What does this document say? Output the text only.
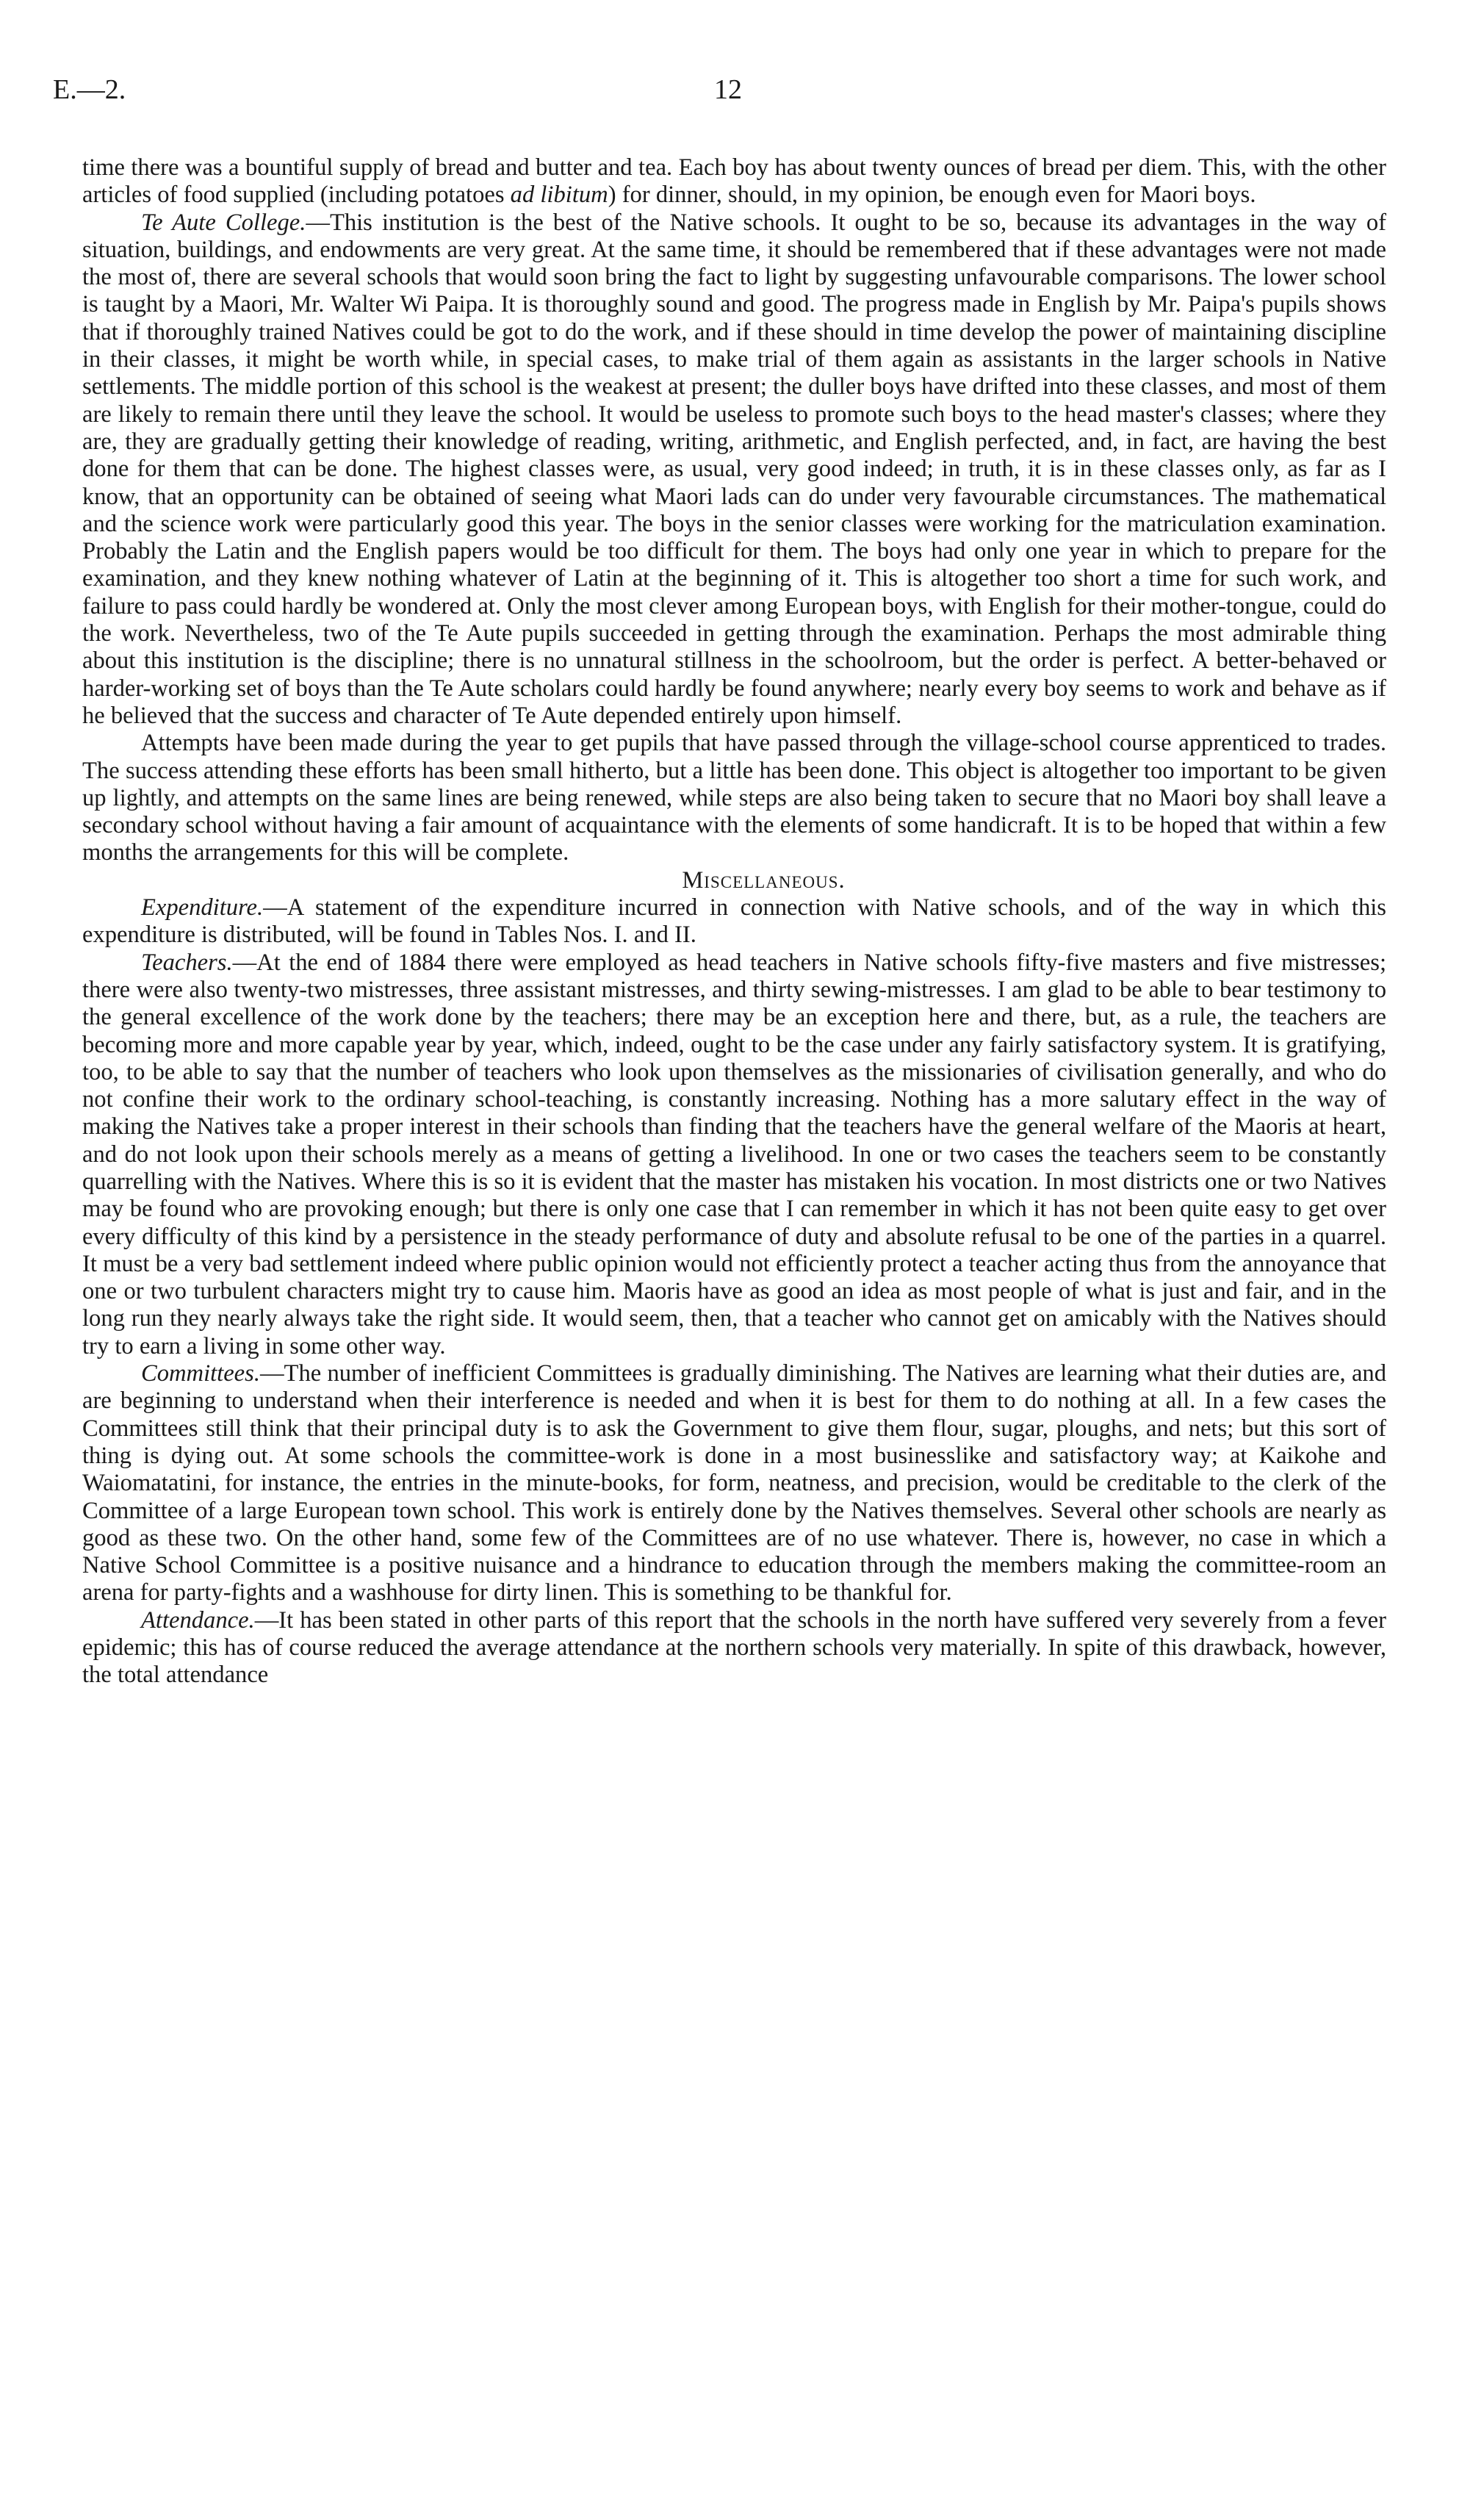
E.—2.	12

time there was a bountiful supply of bread and butter and tea. Each boy has about twenty ounces of bread per diem. This, with the other articles of food supplied (including potatoes ad libitum) for dinner, should, in my opinion, be enough even for Maori boys.

Te Aute College.—This institution is the best of the Native schools. It ought to be so, because its advantages in the way of situation, buildings, and endowments are very great. At the same time, it should be remembered that if these advantages were not made the most of, there are several schools that would soon bring the fact to light by suggesting unfavourable comparisons. The lower school is taught by a Maori, Mr. Walter Wi Paipa. It is thoroughly sound and good. The progress made in English by Mr. Paipa's pupils shows that if thoroughly trained Natives could be got to do the work, and if these should in time develop the power of maintaining discipline in their classes, it might be worth while, in special cases, to make trial of them again as assistants in the larger schools in Native settlements. The middle portion of this school is the weakest at present; the duller boys have drifted into these classes, and most of them are likely to remain there until they leave the school. It would be useless to promote such boys to the head master's classes; where they are, they are gradually getting their knowledge of reading, writing, arithmetic, and English perfected, and, in fact, are having the best done for them that can be done. The highest classes were, as usual, very good indeed; in truth, it is in these classes only, as far as I know, that an opportunity can be obtained of seeing what Maori lads can do under very favourable circumstances. The mathematical and the science work were particularly good this year. The boys in the senior classes were working for the matriculation examination. Probably the Latin and the English papers would be too difficult for them. The boys had only one year in which to prepare for the examination, and they knew nothing whatever of Latin at the beginning of it. This is altogether too short a time for such work, and failure to pass could hardly be wondered at. Only the most clever among European boys, with English for their mother-tongue, could do the work. Nevertheless, two of the Te Aute pupils succeeded in getting through the examination. Perhaps the most admirable thing about this institution is the discipline; there is no unnatural stillness in the schoolroom, but the order is perfect. A better-behaved or harder-working set of boys than the Te Aute scholars could hardly be found anywhere; nearly every boy seems to work and behave as if he believed that the success and character of Te Aute depended entirely upon himself.

Attempts have been made during the year to get pupils that have passed through the village-school course apprenticed to trades. The success attending these efforts has been small hitherto, but a little has been done. This object is altogether too important to be given up lightly, and attempts on the same lines are being renewed, while steps are also being taken to secure that no Maori boy shall leave a secondary school without having a fair amount of acquaintance with the elements of some handicraft. It is to be hoped that within a few months the arrangements for this will be complete.

Miscellaneous.

Expenditure.—A statement of the expenditure incurred in connection with Native schools, and of the way in which this expenditure is distributed, will be found in Tables Nos. I. and II.

Teachers.—At the end of 1884 there were employed as head teachers in Native schools fifty-five masters and five mistresses; there were also twenty-two mistresses, three assistant mistresses, and thirty sewing-mistresses. I am glad to be able to bear testimony to the general excellence of the work done by the teachers; there may be an exception here and there, but, as a rule, the teachers are becoming more and more capable year by year, which, indeed, ought to be the case under any fairly satisfactory system. It is gratifying, too, to be able to say that the number of teachers who look upon themselves as the missionaries of civilisation generally, and who do not confine their work to the ordinary school-teaching, is constantly increasing. Nothing has a more salutary effect in the way of making the Natives take a proper interest in their schools than finding that the teachers have the general welfare of the Maoris at heart, and do not look upon their schools merely as a means of getting a livelihood. In one or two cases the teachers seem to be constantly quarrelling with the Natives. Where this is so it is evident that the master has mistaken his vocation. In most districts one or two Natives may be found who are provoking enough; but there is only one case that I can remember in which it has not been quite easy to get over every difficulty of this kind by a persistence in the steady performance of duty and absolute refusal to be one of the parties in a quarrel. It must be a very bad settlement indeed where public opinion would not efficiently protect a teacher acting thus from the annoyance that one or two turbulent characters might try to cause him. Maoris have as good an idea as most people of what is just and fair, and in the long run they nearly always take the right side. It would seem, then, that a teacher who cannot get on amicably with the Natives should try to earn a living in some other way.

Committees.—The number of inefficient Committees is gradually diminishing. The Natives are learning what their duties are, and are beginning to understand when their interference is needed and when it is best for them to do nothing at all. In a few cases the Committees still think that their principal duty is to ask the Government to give them flour, sugar, ploughs, and nets; but this sort of thing is dying out. At some schools the committee-work is done in a most businesslike and satisfactory way; at Kaikohe and Waiomatatini, for instance, the entries in the minute-books, for form, neatness, and precision, would be creditable to the clerk of the Committee of a large European town school. This work is entirely done by the Natives themselves. Several other schools are nearly as good as these two. On the other hand, some few of the Committees are of no use whatever. There is, however, no case in which a Native School Committee is a positive nuisance and a hindrance to education through the members making the committee-room an arena for party-fights and a washhouse for dirty linen. This is something to be thankful for.

Attendance.—It has been stated in other parts of this report that the schools in the north have suffered very severely from a fever epidemic; this has of course reduced the average attendance at the northern schools very materially. In spite of this drawback, however, the total attendance
